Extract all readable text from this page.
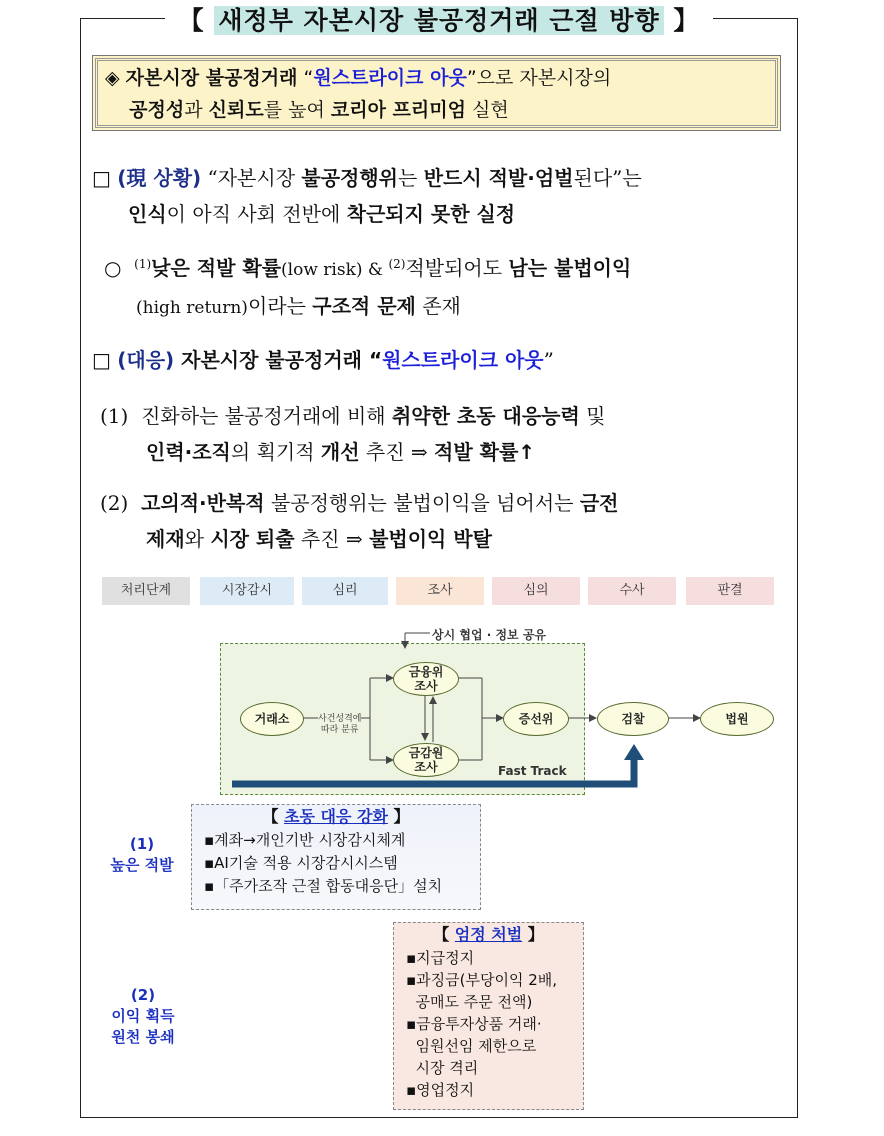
【 새정부 자본시장 불공정거래 근절 방향 】

◈ 자본시장 불공정거래 “원스트라이크 아웃”으로 자본시장의

공정성과 신뢰도를 높여 코리아 프리미엄 실현

□ (現 상황) “자본시장 불공정행위는 반드시 적발·엄벌된다”는

인식이 아직 사회 전반에 착근되지 못한 실정

○ $^{(1)}$낮은 적발 확률(low risk) & $^{(2)}$적발되어도 남는 불법이익

(high return)이라는 구조적 문제 존재

□ (대응) 자본시장 불공정거래 “원스트라이크 아웃”

(1) 진화하는 불공정거래에 비해 취약한 초동 대응능력 및

인력·조직의 획기적 개선 추진 ⇒ 적발 확률↑

(2) 고의적·반복적 불공정행위는 불법이익을 넘어서는 금전

제재와 시장 퇴출 추진 ⇒ 불법이익 박탈

처리단계	시장감시	심리	조사	심의	수사	판결
상시 협업 · 정보 공유
거래소	사건성격에
따라 분류
금융위
조사
금감원
조사
증선위	검찰	법원
Fast Track
(1)
높은 적발
【 초동 대응 강화 】
▪계좌→개인기반 시장감시체계
▪AI기술 적용 시장감시시스템
▪「주가조작 근절 합동대응단」설치
(2)
이익 획득
원천 봉쇄
【 엄정 처벌 】
▪지급정지
▪과징금(부당이익 2배,
공매도 주문 전액)
▪금융투자상품 거래·
임원선임 제한으로
시장 격리
▪영업정지
